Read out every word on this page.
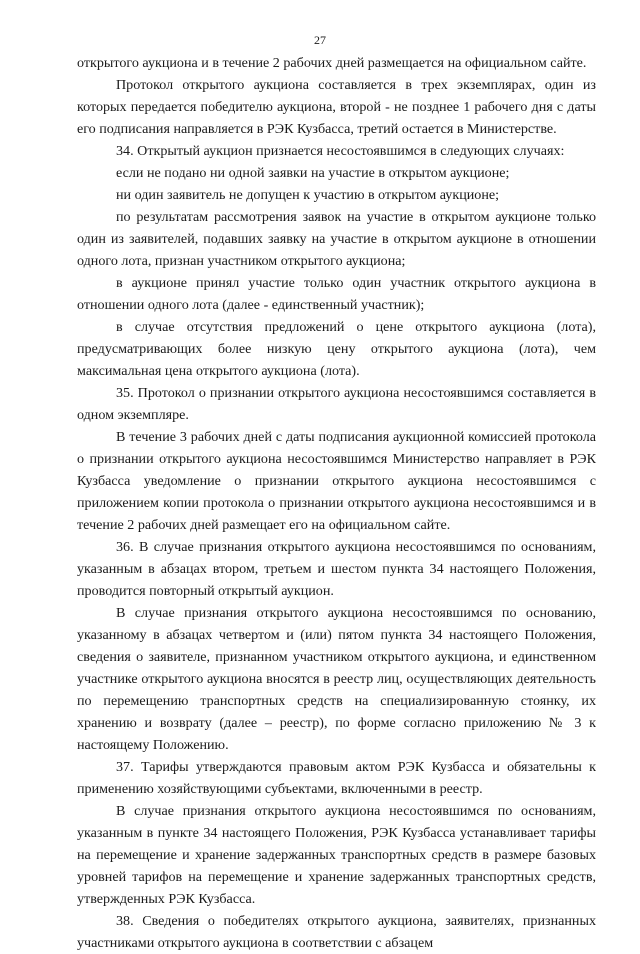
27

открытого аукциона и в течение 2 рабочих дней размещается на официальном сайте.

Протокол открытого аукциона составляется в трех экземплярах, один из которых передается победителю аукциона, второй - не позднее 1 рабочего дня с даты его подписания направляется в РЭК Кузбасса, третий остается в Министерстве.

34. Открытый аукцион признается несостоявшимся в следующих случаях:

если не подано ни одной заявки на участие в открытом аукционе;

ни один заявитель не допущен к участию в открытом аукционе;

по результатам рассмотрения заявок на участие в открытом аукционе только один из заявителей, подавших заявку на участие в открытом аукционе в отношении одного лота, признан участником открытого аукциона;

в аукционе принял участие только один участник открытого аукциона в отношении одного лота (далее - единственный участник);

в случае отсутствия предложений о цене открытого аукциона (лота), предусматривающих более низкую цену открытого аукциона (лота), чем максимальная цена открытого аукциона (лота).

35. Протокол о признании открытого аукциона несостоявшимся составляется в одном экземпляре.

В течение 3 рабочих дней с даты подписания аукционной комиссией протокола о признании открытого аукциона несостоявшимся Министерство направляет в РЭК Кузбасса уведомление о признании открытого аукциона несостоявшимся с приложением копии протокола о признании открытого аукциона несостоявшимся и в течение 2 рабочих дней размещает его на официальном сайте.

36. В случае признания открытого аукциона несостоявшимся по основаниям, указанным в абзацах втором, третьем и шестом пункта 34 настоящего Положения, проводится повторный открытый аукцион.

В случае признания открытого аукциона несостоявшимся по основанию, указанному в абзацах четвертом и (или) пятом пункта 34 настоящего Положения, сведения о заявителе, признанном участником открытого аукциона, и единственном участнике открытого аукциона вносятся в реестр лиц, осуществляющих деятельность по перемещению транспортных средств на специализированную стоянку, их хранению и возврату (далее – реестр), по форме согласно приложению № 3 к настоящему Положению.

37. Тарифы утверждаются правовым актом РЭК Кузбасса и обязательны к применению хозяйствующими субъектами, включенными в реестр.

В случае признания открытого аукциона несостоявшимся по основаниям, указанным в пункте 34 настоящего Положения, РЭК Кузбасса устанавливает тарифы на перемещение и хранение задержанных транспортных средств в размере базовых уровней тарифов на перемещение и хранение задержанных транспортных средств, утвержденных РЭК Кузбасса.

38. Сведения о победителях открытого аукциона, заявителях, признанных участниками открытого аукциона в соответствии с абзацем
